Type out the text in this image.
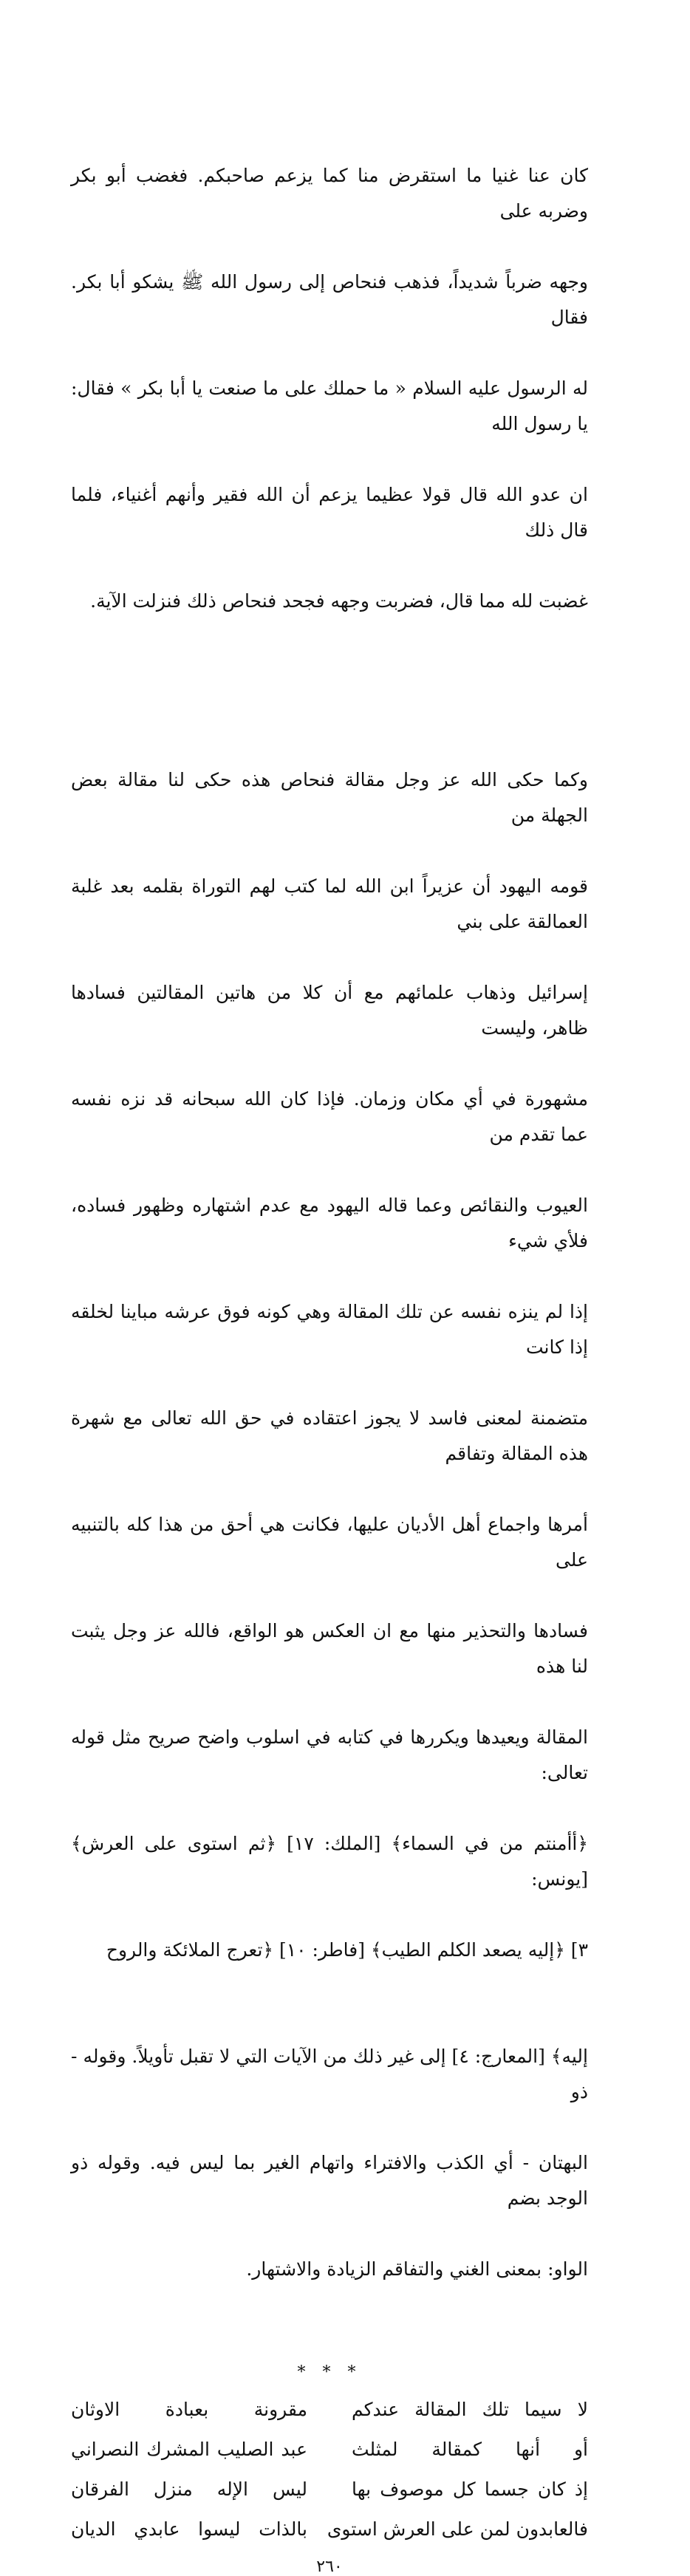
كان عنا غنيا ما استقرض منا كما يزعم صاحبكم. فغضب أبو بكر وضربه على

وجهه ضرباً شديداً، فذهب فنحاص إلى رسول الله ﷺ يشكو أبا بكر. فقال

له الرسول عليه السلام « ما حملك على ما صنعت يا أبا بكر » فقال: يا رسول الله

ان عدو الله قال قولا عظيما يزعم أن الله فقير وأنهم أغنياء، فلما قال ذلك

غضبت لله مما قال، فضربت وجهه فجحد فنحاص ذلك فنزلت الآية.

وكما حكى الله عز وجل مقالة فنحاص هذه حكى لنا مقالة بعض الجهلة من

قومه اليهود أن عزيراً ابن الله لما كتب لهم التوراة بقلمه بعد غلبة العمالقة على بني

إسرائيل وذهاب علمائهم مع أن كلا من هاتين المقالتين فسادها ظاهر، وليست

مشهورة في أي مكان وزمان. فإذا كان الله سبحانه قد نزه نفسه عما تقدم من

العيوب والنقائص وعما قاله اليهود مع عدم اشتهاره وظهور فساده، فلأي شيء

إذا لم ينزه نفسه عن تلك المقالة وهي كونه فوق عرشه مباينا لخلقه إذا كانت

متضمنة لمعنى فاسد لا يجوز اعتقاده في حق الله تعالى مع شهرة هذه المقالة وتفاقم

أمرها واجماع أهل الأديان عليها، فكانت هي أحق من هذا كله بالتنبيه على

فسادها والتحذير منها مع ان العكس هو الواقع، فالله عز وجل يثبت لنا هذه

المقالة ويعيدها ويكررها في كتابه في اسلوب واضح صريح مثل قوله تعالى:

﴿أأمنتم من في السماء﴾ [الملك: ١٧] ﴿ثم استوى على العرش﴾ [يونس:

٣] ﴿إليه يصعد الكلم الطيب﴾ [فاطر: ١٠] ﴿تعرج الملائكة والروح

إليه﴾ [المعارج: ٤] إلى غير ذلك من الآيات التي لا تقبل تأويلاً. وقوله - ذو

البهتان - أي الكذب والافتراء واتهام الغير بما ليس فيه. وقوله ذو الوجد بضم

الواو: بمعنى الغني والتفاقم الزيادة والاشتهار.

* * *
لا سيما تلك المقالة عندكم
مقرونة بعبادة الاوثان
أو أنها كمقالة لمثلث
عبد الصليب المشرك النصراني
إذ كان جسما كل موصوف بها
ليس الإله منزل الفرقان
فالعابدون لمن على العرش استوى
بالذات ليسوا عابدي الديان
٢٦٠
